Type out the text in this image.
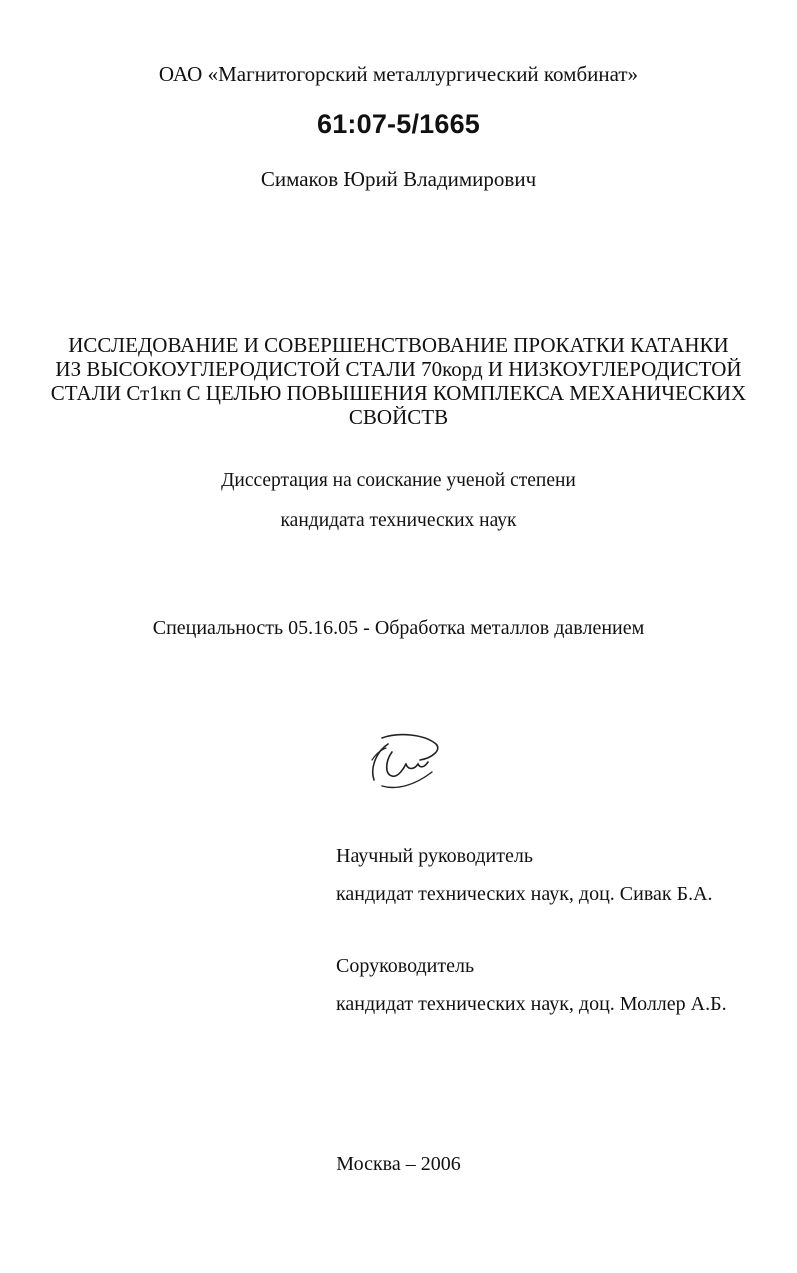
ОАО «Магнитогорский металлургический комбинат»
61:07-5/1665
Симаков Юрий Владимирович
ИССЛЕДОВАНИЕ И СОВЕРШЕНСТВОВАНИЕ ПРОКАТКИ КАТАНКИ
ИЗ ВЫСОКОУГЛЕРОДИСТОЙ СТАЛИ 70корд И НИЗКОУГЛЕРОДИСТОЙ
СТАЛИ Ст1кп С ЦЕЛЬЮ ПОВЫШЕНИЯ КОМПЛЕКСА МЕХАНИЧЕСКИХ
СВОЙСТВ
Диссертация на соискание ученой степени
кандидата технических наук
Специальность 05.16.05 - Обработка металлов давлением
Научный руководитель
кандидат технических наук, доц. Сивак Б.А.
Соруководитель
кандидат технических наук, доц. Моллер А.Б.
Москва – 2006
